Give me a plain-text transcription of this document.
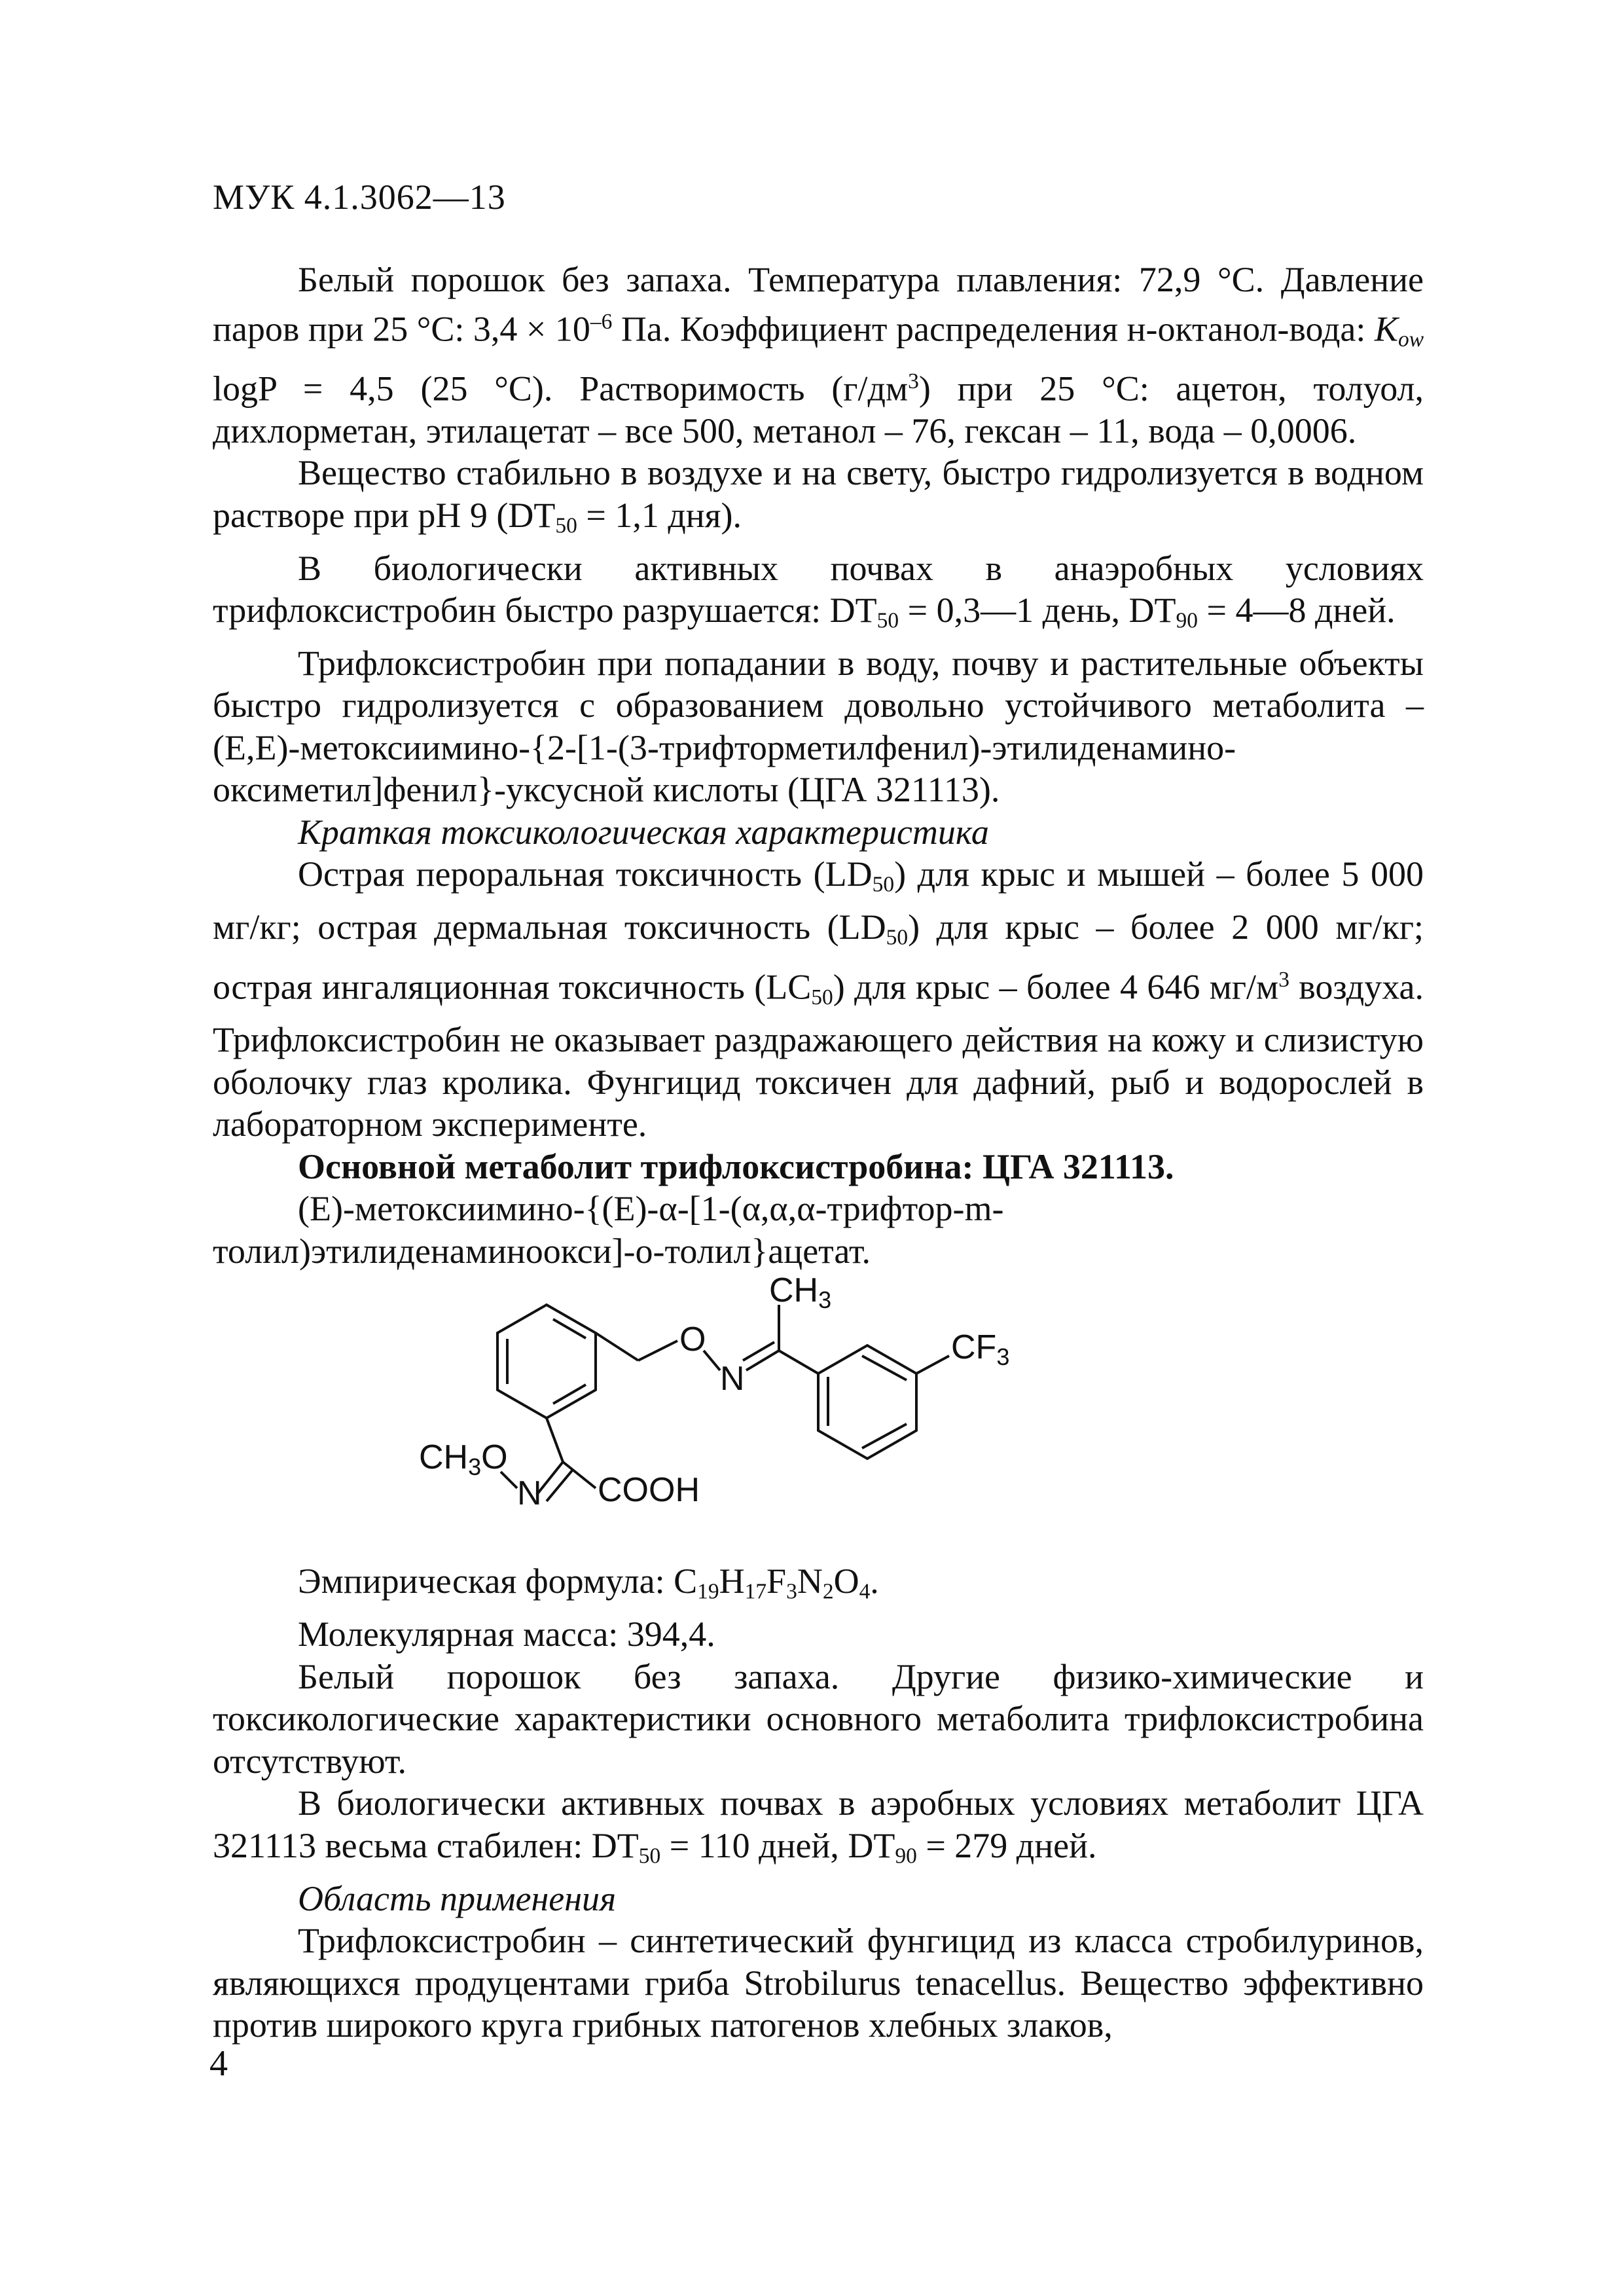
МУК 4.1.3062—13

Белый порошок без запаха. Температура плавления: 72,9 °С. Давление паров при 25 °С: $3,4 \times 10^{-6}$ Па. Коэффициент распределения н-октанол-вода: $K_{ow}$ logP = 4,5 (25 °С). Растворимость $(г/дм^3)$ при 25 °С: ацетон, толуол, дихлорметан, этилацетат – все 500, метанол – 76, гексан – 11, вода – 0,0006.

Вещество стабильно в воздухе и на свету, быстро гидролизуется в водном растворе при pH 9 ($DT_{50} = 1,1$ дня).

В биологически активных почвах в анаэробных условиях трифлоксистробин быстро разрушается: $DT_{50}$ = 0,3—1 день, $DT_{90}$ = 4—8 дней.

Трифлоксистробин при попадании в воду, почву и растительные объекты быстро гидролизуется с образованием довольно устойчивого метаболита – (E,E)-метоксиимино-{2-[1-(3-трифторметилфенил)-этилиденамино-оксиметил]фенил}-уксусной кислоты (ЦГА 321113).

Краткая токсикологическая характеристика

Острая пероральная токсичность $(LD_{50})$ для крыс и мышей – более 5 000 мг/кг; острая дермальная токсичность $(LD_{50})$ для крыс – более 2 000 мг/кг; острая ингаляционная токсичность $(LC_{50})$ для крыс – более 4 646 $мг/м^3$ воздуха. Трифлоксистробин не оказывает раздражающего действия на кожу и слизистую оболочку глаз кролика. Фунгицид токсичен для дафний, рыб и водорослей в лабораторном эксперименте.

Основной метаболит трифлоксистробина: ЦГА 321113.

(E)-метоксиимино-{(E)-α-[1-(α,α,α-трифтор-m-толил)этилиденаминоокси]-о-толил}ацетат.

CH3
O
N
CF3
CH3O
N COOH

Эмпирическая формула: $C_{19}H_{17}F_3N_2O_4$.

Молекулярная масса: 394,4.

Белый порошок без запаха. Другие физико-химические и токсикологические характеристики основного метаболита трифлоксистробина отсутствуют.

В биологически активных почвах в аэробных условиях метаболит ЦГА 321113 весьма стабилен: $DT_{50} = 110$ дней, $DT_{90} = 279$ дней.

Область применения

Трифлоксистробин – синтетический фунгицид из класса стробилуринов, являющихся продуцентами гриба Strobilurus tenacellus. Вещество эффективно против широкого круга грибных патогенов хлебных злаков,

4
